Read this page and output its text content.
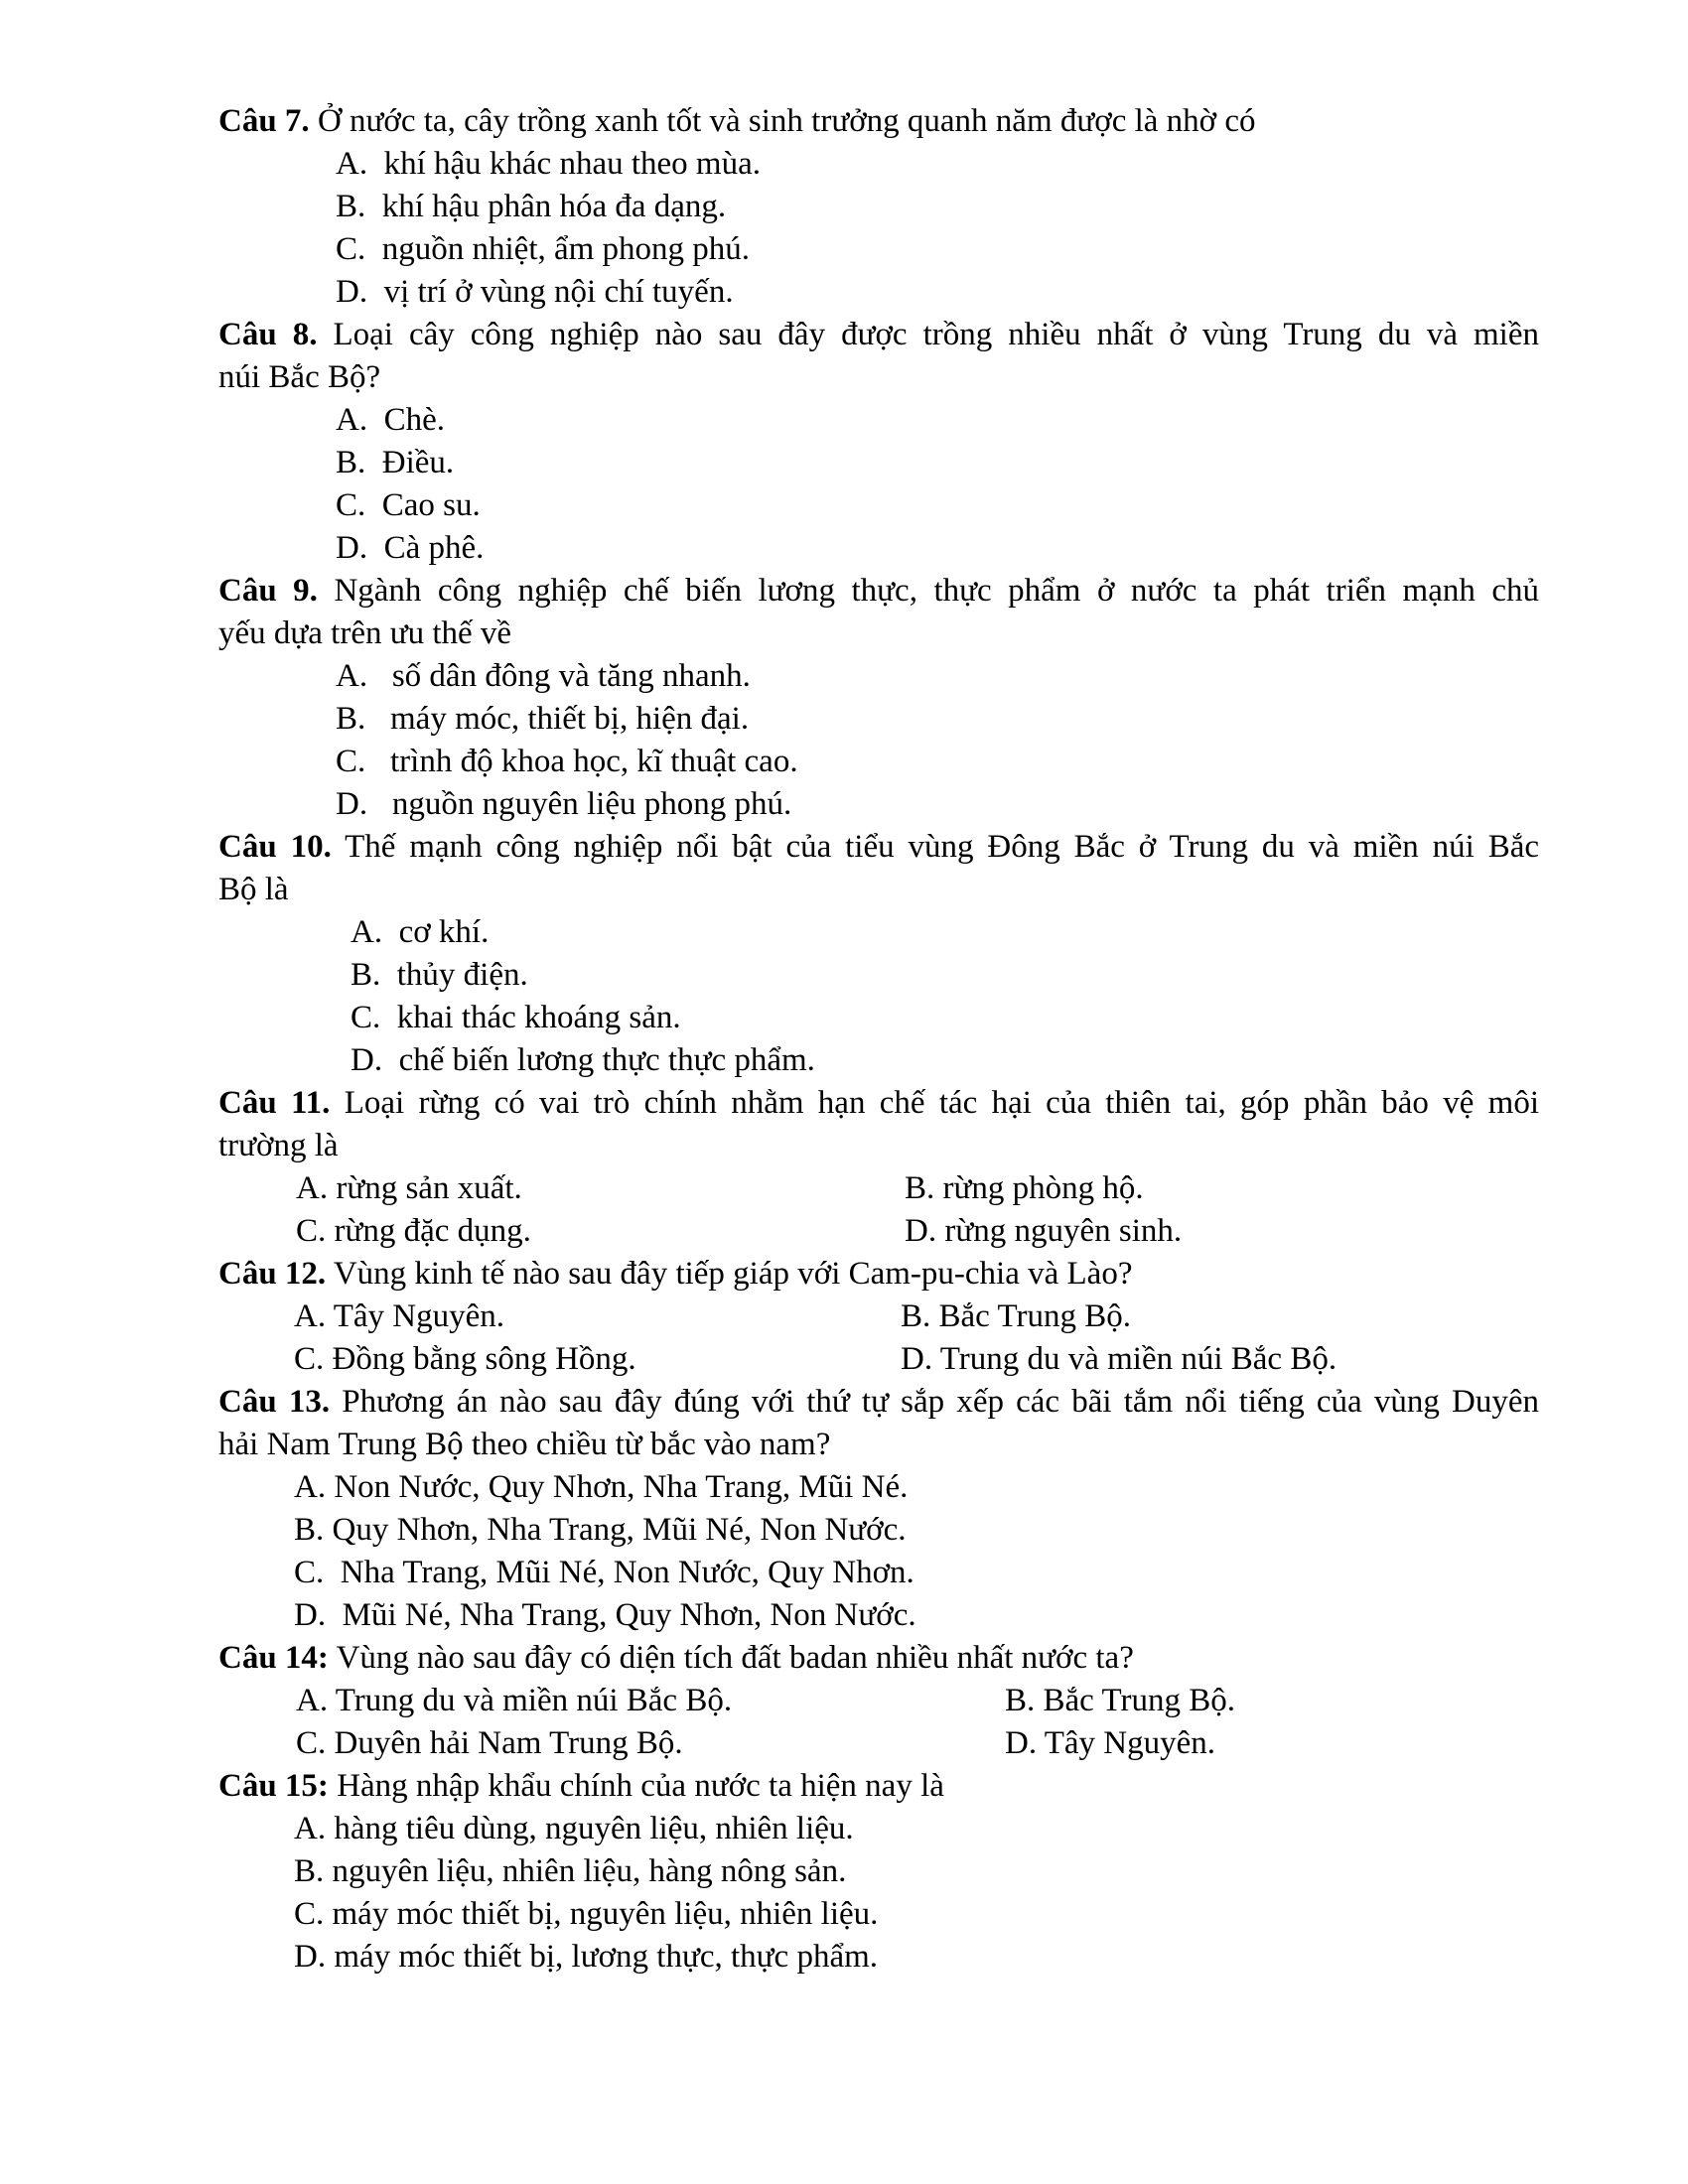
Câu 7. Ở nước ta, cây trồng xanh tốt và sinh trưởng quanh năm được là nhờ có
A.  khí hậu khác nhau theo mùa.
B.  khí hậu phân hóa đa dạng.
C.  nguồn nhiệt, ẩm phong phú.
D.  vị trí ở vùng nội chí tuyến.
Câu 8. Loại cây công nghiệp nào sau đây được trồng nhiều nhất ở vùng Trung du và miền
núi Bắc Bộ?
A.  Chè.
B.  Điều.
C.  Cao su.
D.  Cà phê.
Câu 9. Ngành công nghiệp chế biến lương thực, thực phẩm ở nước ta phát triển mạnh chủ
yếu dựa trên ưu thế về
A.   số dân đông và tăng nhanh.
B.   máy móc, thiết bị, hiện đại.
C.   trình độ khoa học, kĩ thuật cao.
D.   nguồn nguyên liệu phong phú.
Câu 10. Thế mạnh công nghiệp nổi bật của tiểu vùng Đông Bắc ở Trung du và miền núi Bắc
Bộ là
A.  cơ khí.
B.  thủy điện.
C.  khai thác khoáng sản.
D.  chế biến lương thực thực phẩm.
Câu 11. Loại rừng có vai trò chính nhằm hạn chế tác hại của thiên tai, góp phần bảo vệ môi
trường là
A. rừng sản xuất.	B. rừng phòng hộ.
C. rừng đặc dụng.	D. rừng nguyên sinh.
Câu 12. Vùng kinh tế nào sau đây tiếp giáp với Cam-pu-chia và Lào?
A. Tây Nguyên.	B. Bắc Trung Bộ.
C. Đồng bằng sông Hồng.	D. Trung du và miền núi Bắc Bộ.
Câu 13. Phương án nào sau đây đúng với thứ tự sắp xếp các bãi tắm nổi tiếng của vùng Duyên
hải Nam Trung Bộ theo chiều từ bắc vào nam?
A. Non Nước, Quy Nhơn, Nha Trang, Mũi Né.
B. Quy Nhơn, Nha Trang, Mũi Né, Non Nước.
C.  Nha Trang, Mũi Né, Non Nước, Quy Nhơn.
D.  Mũi Né, Nha Trang, Quy Nhơn, Non Nước.
Câu 14: Vùng nào sau đây có diện tích đất badan nhiều nhất nước ta?
A. Trung du và miền núi Bắc Bộ.	B. Bắc Trung Bộ.
C. Duyên hải Nam Trung Bộ.	D. Tây Nguyên.
Câu 15: Hàng nhập khẩu chính của nước ta hiện nay là
A. hàng tiêu dùng, nguyên liệu, nhiên liệu.
B. nguyên liệu, nhiên liệu, hàng nông sản.
C. máy móc thiết bị, nguyên liệu, nhiên liệu.
D. máy móc thiết bị, lương thực, thực phẩm.
